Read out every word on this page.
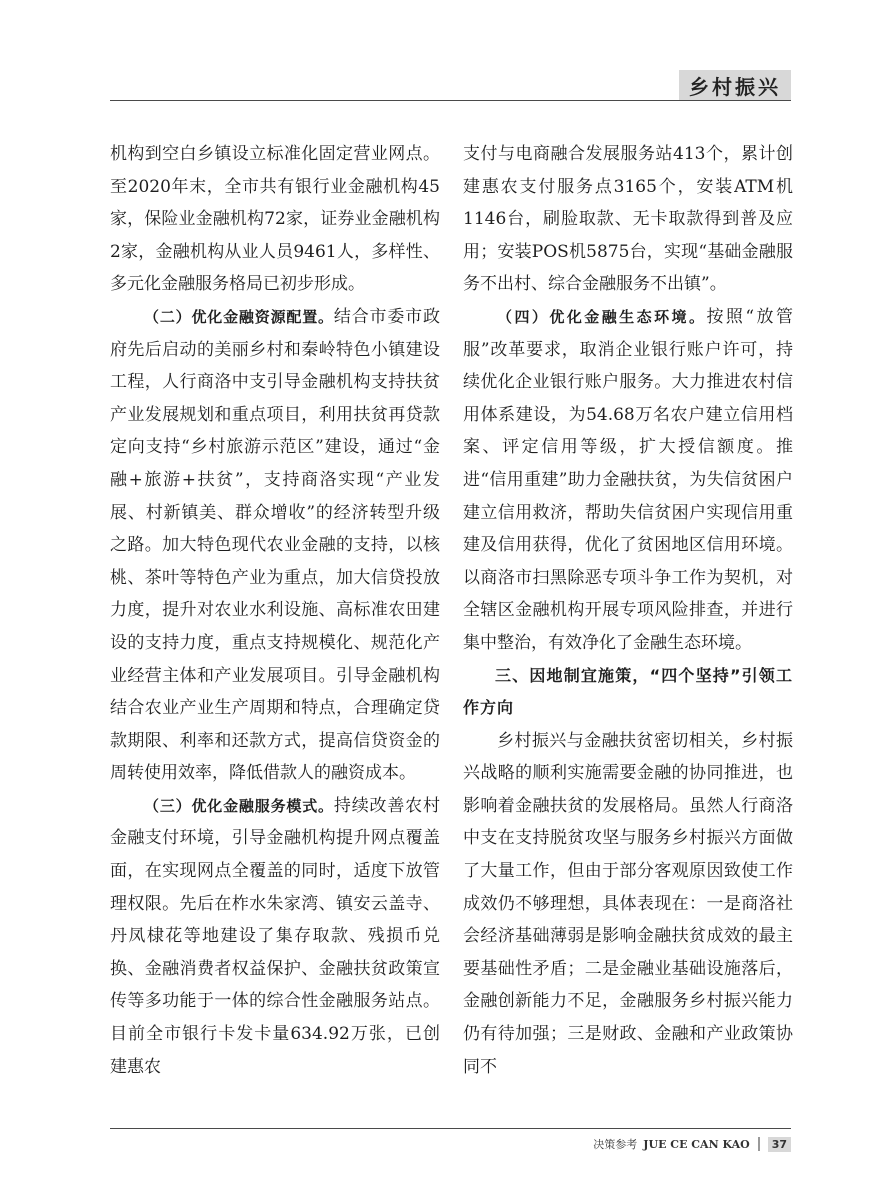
乡村振兴

机构到空白乡镇设立标准化固定营业网点。至2020年末，全市共有银行业金融机构45家，保险业金融机构72家，证券业金融机构2家，金融机构从业人员9461人，多样性、多元化金融服务格局已初步形成。

（二）优化金融资源配置。结合市委市政府先后启动的美丽乡村和秦岭特色小镇建设工程，人行商洛中支引导金融机构支持扶贫产业发展规划和重点项目，利用扶贫再贷款定向支持“乡村旅游示范区”建设，通过“金融+旅游+扶贫”，支持商洛实现“产业发展、村新镇美、群众增收”的经济转型升级之路。加大特色现代农业金融的支持，以核桃、茶叶等特色产业为重点，加大信贷投放力度，提升对农业水利设施、高标准农田建设的支持力度，重点支持规模化、规范化产业经营主体和产业发展项目。引导金融机构结合农业产业生产周期和特点，合理确定贷款期限、利率和还款方式，提高信贷资金的周转使用效率，降低借款人的融资成本。

（三）优化金融服务模式。持续改善农村金融支付环境，引导金融机构提升网点覆盖面，在实现网点全覆盖的同时，适度下放管理权限。先后在柞水朱家湾、镇安云盖寺、丹凤棣花等地建设了集存取款、残损币兑换、金融消费者权益保护、金融扶贫政策宣传等多功能于一体的综合性金融服务站点。目前全市银行卡发卡量634.92万张，已创建惠农

支付与电商融合发展服务站413个，累计创建惠农支付服务点3165个，安装ATM机1146台，刷脸取款、无卡取款得到普及应用；安装POS机5875台，实现“基础金融服务不出村、综合金融服务不出镇”。

（四）优化金融生态环境。按照“放管服”改革要求，取消企业银行账户许可，持续优化企业银行账户服务。大力推进农村信用体系建设，为54.68万名农户建立信用档案、评定信用等级，扩大授信额度。推进“信用重建”助力金融扶贫，为失信贫困户建立信用救济，帮助失信贫困户实现信用重建及信用获得，优化了贫困地区信用环境。以商洛市扫黑除恶专项斗争工作为契机，对全辖区金融机构开展专项风险排查，并进行集中整治，有效净化了金融生态环境。

三、因地制宜施策，“四个坚持”引领工作方向

乡村振兴与金融扶贫密切相关，乡村振兴战略的顺利实施需要金融的协同推进，也影响着金融扶贫的发展格局。虽然人行商洛中支在支持脱贫攻坚与服务乡村振兴方面做了大量工作，但由于部分客观原因致使工作成效仍不够理想，具体表现在：一是商洛社会经济基础薄弱是影响金融扶贫成效的最主要基础性矛盾；二是金融业基础设施落后，金融创新能力不足，金融服务乡村振兴能力仍有待加强；三是财政、金融和产业政策协同不

决策参考 JUE CE CAN KAO	37
